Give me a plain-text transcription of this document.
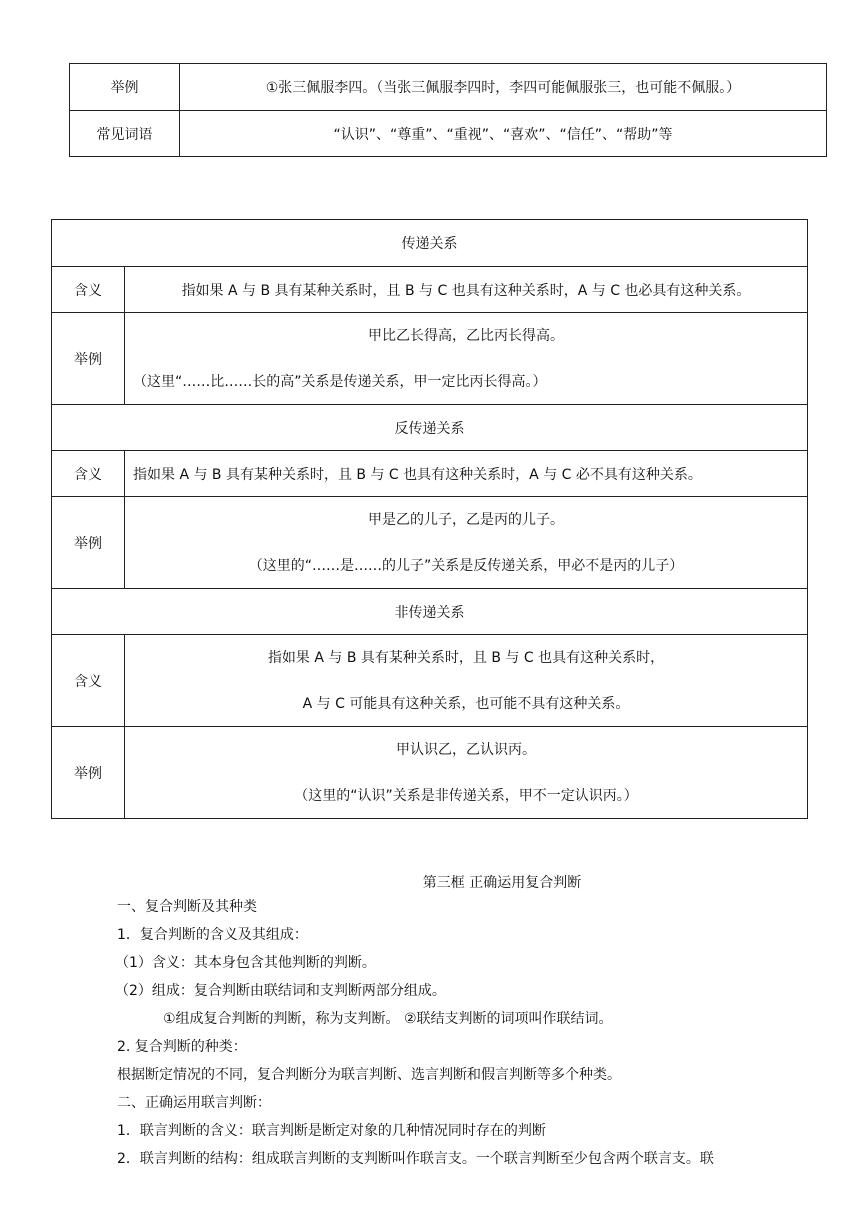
举例	①张三佩服李四。（当张三佩服李四时，李四可能佩服张三，也可能不佩服。）
常见词语	“认识”、“尊重”、“重视”、“喜欢”、“信任”、“帮助”等
传递关系	
含义	指如果 A 与 B 具有某种关系时，且 B 与 C 也具有这种关系时，A 与 C 也必具有这种关系。
举例	甲比乙长得高，乙比丙长得高。
（这里“……比……长的高”关系是传递关系，甲一定比丙长得高。）

反传递关系	
含义	指如果 A 与 B 具有某种关系时，且 B 与 C 也具有这种关系时，A 与 C 必不具有这种关系。
举例	甲是乙的儿子，乙是丙的儿子。
（这里的“……是……的儿子”关系是反传递关系，甲必不是丙的儿子）

非传递关系	
含义	指如果 A 与 B 具有某种关系时，且 B 与 C 也具有这种关系时，
A 与 C 可能具有这种关系，也可能不具有这种关系。

举例	甲认识乙，乙认识丙。
（这里的“认识”关系是非传递关系，甲不一定认识丙。）
第三框 正确运用复合判断
一、复合判断及其种类
1．复合判断的含义及其组成：
（1）含义：其本身包含其他判断的判断。
（2）组成：复合判断由联结词和支判断两部分组成。
①组成复合判断的判断，称为支判断。 ②联结支判断的词项叫作联结词。
2. 复合判断的种类：
根据断定情况的不同，复合判断分为联言判断、选言判断和假言判断等多个种类。
二、正确运用联言判断：
1．联言判断的含义：联言判断是断定对象的几种情况同时存在的判断
2．联言判断的结构：组成联言判断的支判断叫作联言支。一个联言判断至少包含两个联言支。联
